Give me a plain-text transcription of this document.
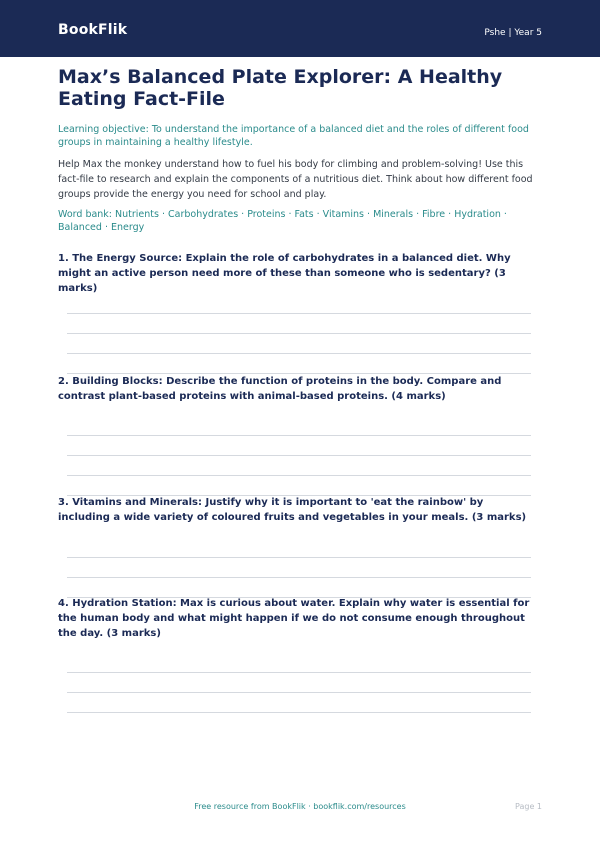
BookFlik	Pshe | Year 5
Max’s Balanced Plate Explorer: A Healthy Eating Fact-File
Learning objective: To understand the importance of a balanced diet and the roles of different food groups in maintaining a healthy lifestyle.
Help Max the monkey understand how to fuel his body for climbing and problem-solving! Use this fact-file to research and explain the components of a nutritious diet. Think about how different food groups provide the energy you need for school and play.
Word bank: Nutrients · Carbohydrates · Proteins · Fats · Vitamins · Minerals · Fibre · Hydration · Balanced · Energy
1. The Energy Source: Explain the role of carbohydrates in a balanced diet. Why might an active person need more of these than someone who is sedentary? (3 marks)
2. Building Blocks: Describe the function of proteins in the body. Compare and contrast plant-based proteins with animal-based proteins. (4 marks)
3. Vitamins and Minerals: Justify why it is important to 'eat the rainbow' by including a wide variety of coloured fruits and vegetables in your meals. (3 marks)
4. Hydration Station: Max is curious about water. Explain why water is essential for the human body and what might happen if we do not consume enough throughout the day. (3 marks)
Free resource from BookFlik · bookflik.com/resources	Page 1
